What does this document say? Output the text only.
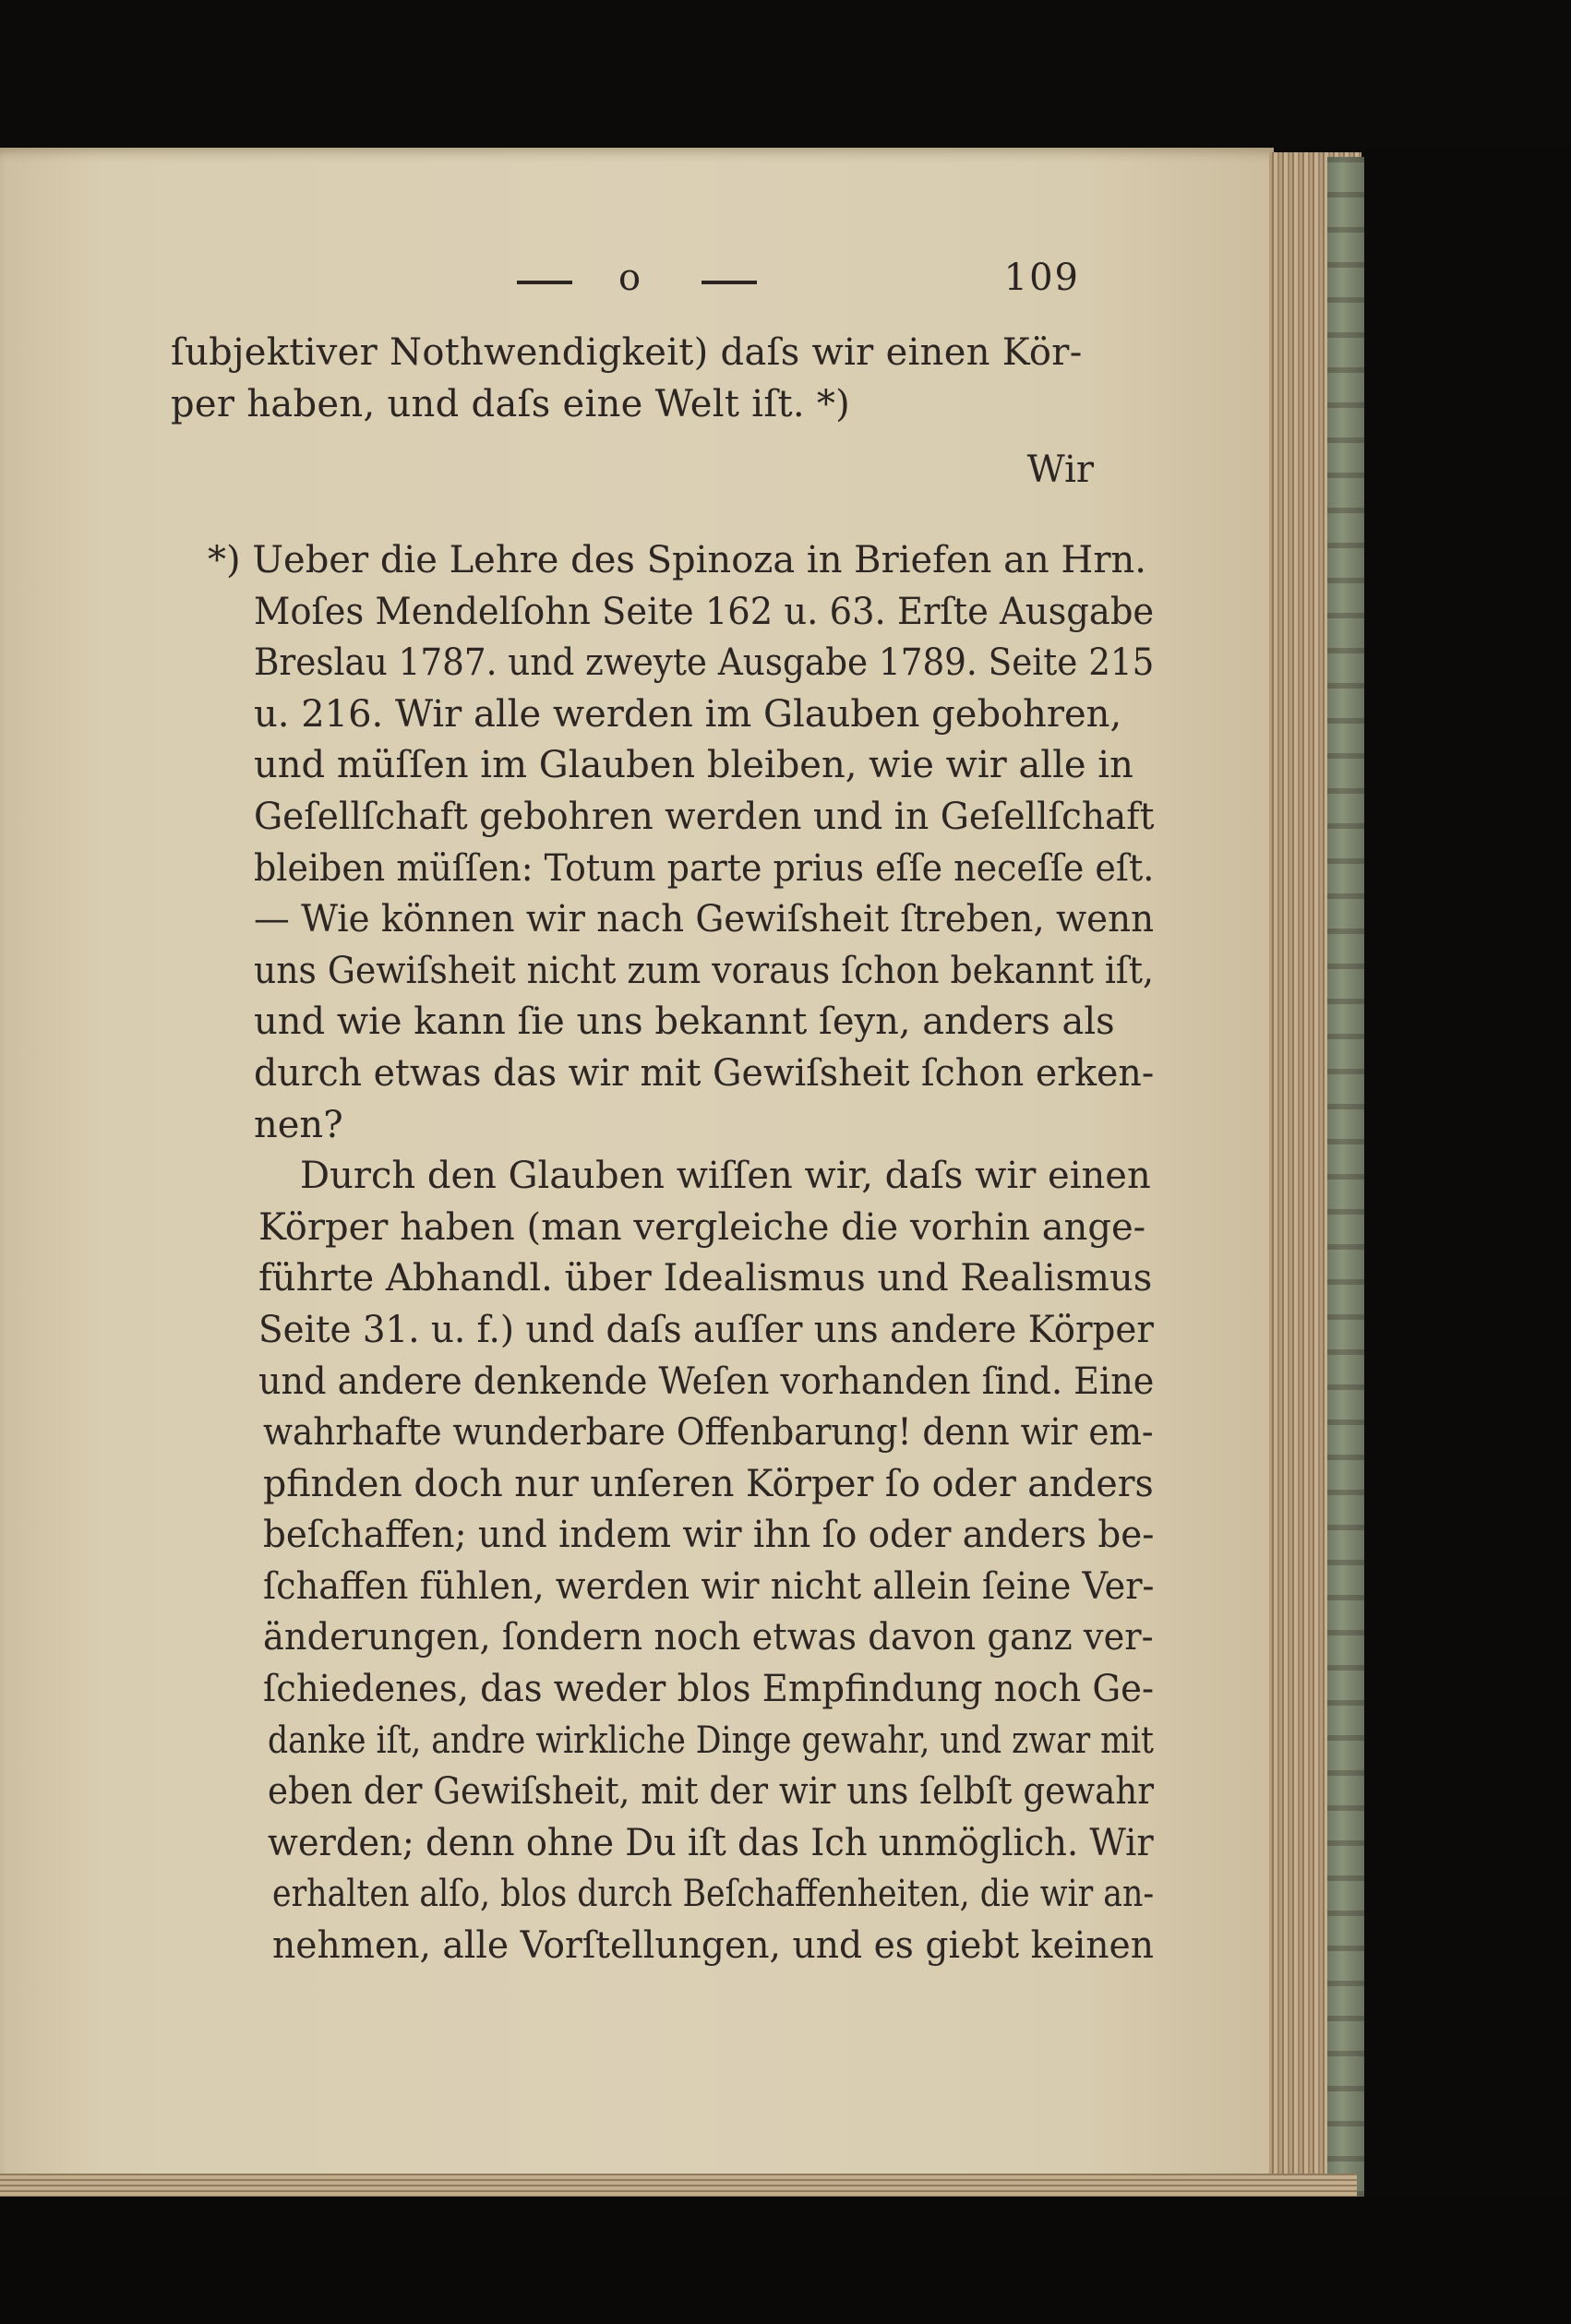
o	109
ſubjektiver Nothwendigkeit) daſs wir einen Kör-
per haben, und daſs eine Welt iſt. *)
Wir
*) Ueber die Lehre des Spinoza in Briefen an Hrn.
Moſes Mendelſohn Seite 162 u. 63. Erſte Ausgabe
Breslau 1787. und zweyte Ausgabe 1789. Seite 215
u. 216. Wir alle werden im Glauben gebohren,
und müſſen im Glauben bleiben, wie wir alle in
Geſellſchaft gebohren werden und in Geſellſchaft
bleiben müſſen: Totum parte prius eſſe neceſſe eſt.
— Wie können wir nach Gewiſsheit ſtreben, wenn
uns Gewiſsheit nicht zum voraus ſchon bekannt iſt,
und wie kann ſie uns bekannt ſeyn, anders als
durch etwas das wir mit Gewiſsheit ſchon erken-
nen?
Durch den Glauben wiſſen wir, daſs wir einen
Körper haben (man vergleiche die vorhin ange-
führte Abhandl. über Idealismus und Realismus
Seite 31. u. f.) und daſs auſſer uns andere Körper
und andere denkende Weſen vorhanden ſind. Eine
wahrhafte wunderbare Offenbarung! denn wir em-
pfinden doch nur unſeren Körper ſo oder anders
beſchaffen; und indem wir ihn ſo oder anders be-
ſchaffen fühlen, werden wir nicht allein ſeine Ver-
änderungen, ſondern noch etwas davon ganz ver-
ſchiedenes, das weder blos Empfindung noch Ge-
danke iſt, andre wirkliche Dinge gewahr, und zwar mit
eben der Gewiſsheit, mit der wir uns ſelbſt gewahr
werden; denn ohne Du iſt das Ich unmöglich. Wir
erhalten alſo, blos durch Beſchaffenheiten, die wir an-
nehmen, alle Vorſtellungen, und es giebt keinen
